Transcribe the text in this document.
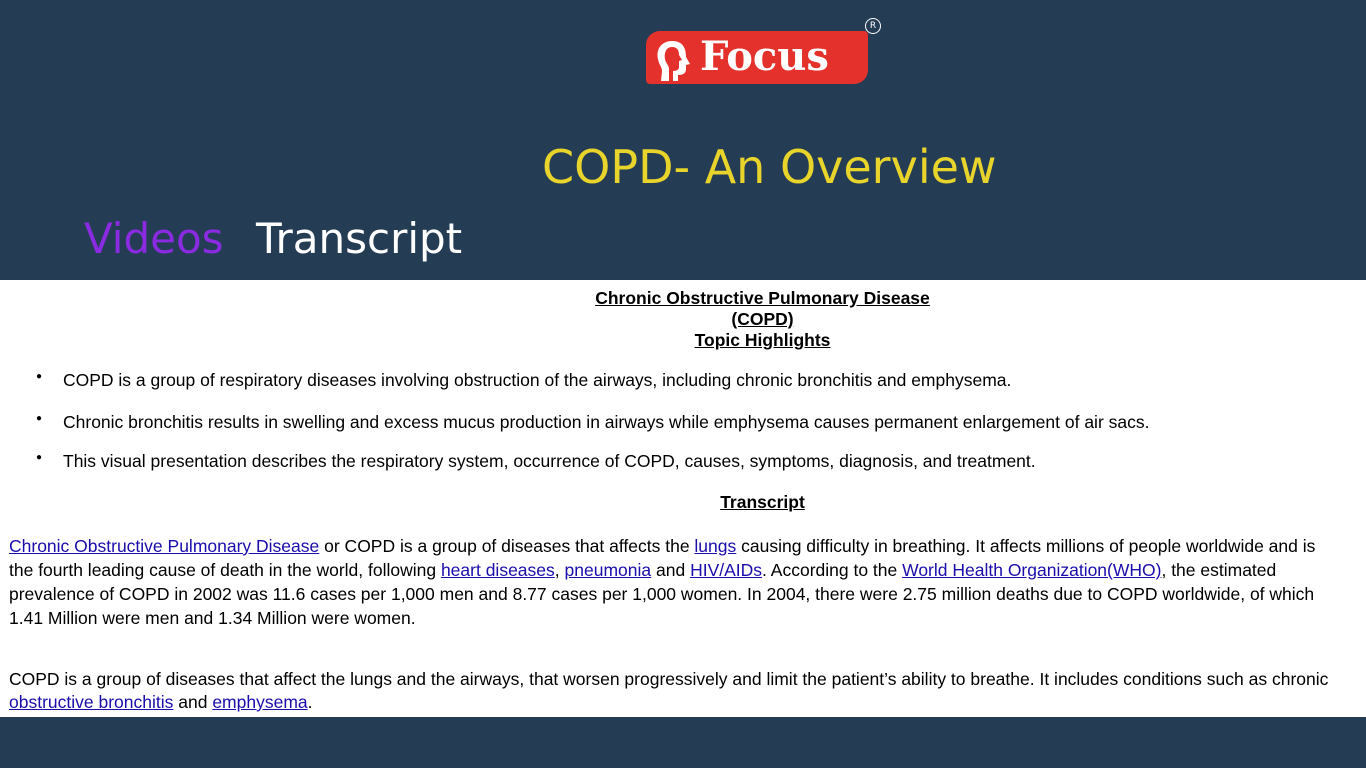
Focus
R
COPD- An Overview
Videos Transcript
Chronic Obstructive Pulmonary Disease
(COPD)
Topic Highlights
● COPD is a group of respiratory diseases involving obstruction of the airways, including chronic bronchitis and emphysema.
● Chronic bronchitis results in swelling and excess mucus production in airways while emphysema causes permanent enlargement of air sacs.
● This visual presentation describes the respiratory system, occurrence of COPD, causes, symptoms, diagnosis, and treatment.
Transcript
Chronic Obstructive Pulmonary Disease or COPD is a group of diseases that affects the lungs causing difficulty in breathing. It affects millions of people worldwide and is
the fourth leading cause of death in the world, following heart diseases, pneumonia and HIV/AIDs. According to the World Health Organization(WHO), the estimated
prevalence of COPD in 2002 was 11.6 cases per 1,000 men and 8.77 cases per 1,000 women. In 2004, there were 2.75 million deaths due to COPD worldwide, of which
1.41 Million were men and 1.34 Million were women.
COPD is a group of diseases that affect the lungs and the airways, that worsen progressively and limit the patient’s ability to breathe. It includes conditions such as chronic
obstructive bronchitis and emphysema.
